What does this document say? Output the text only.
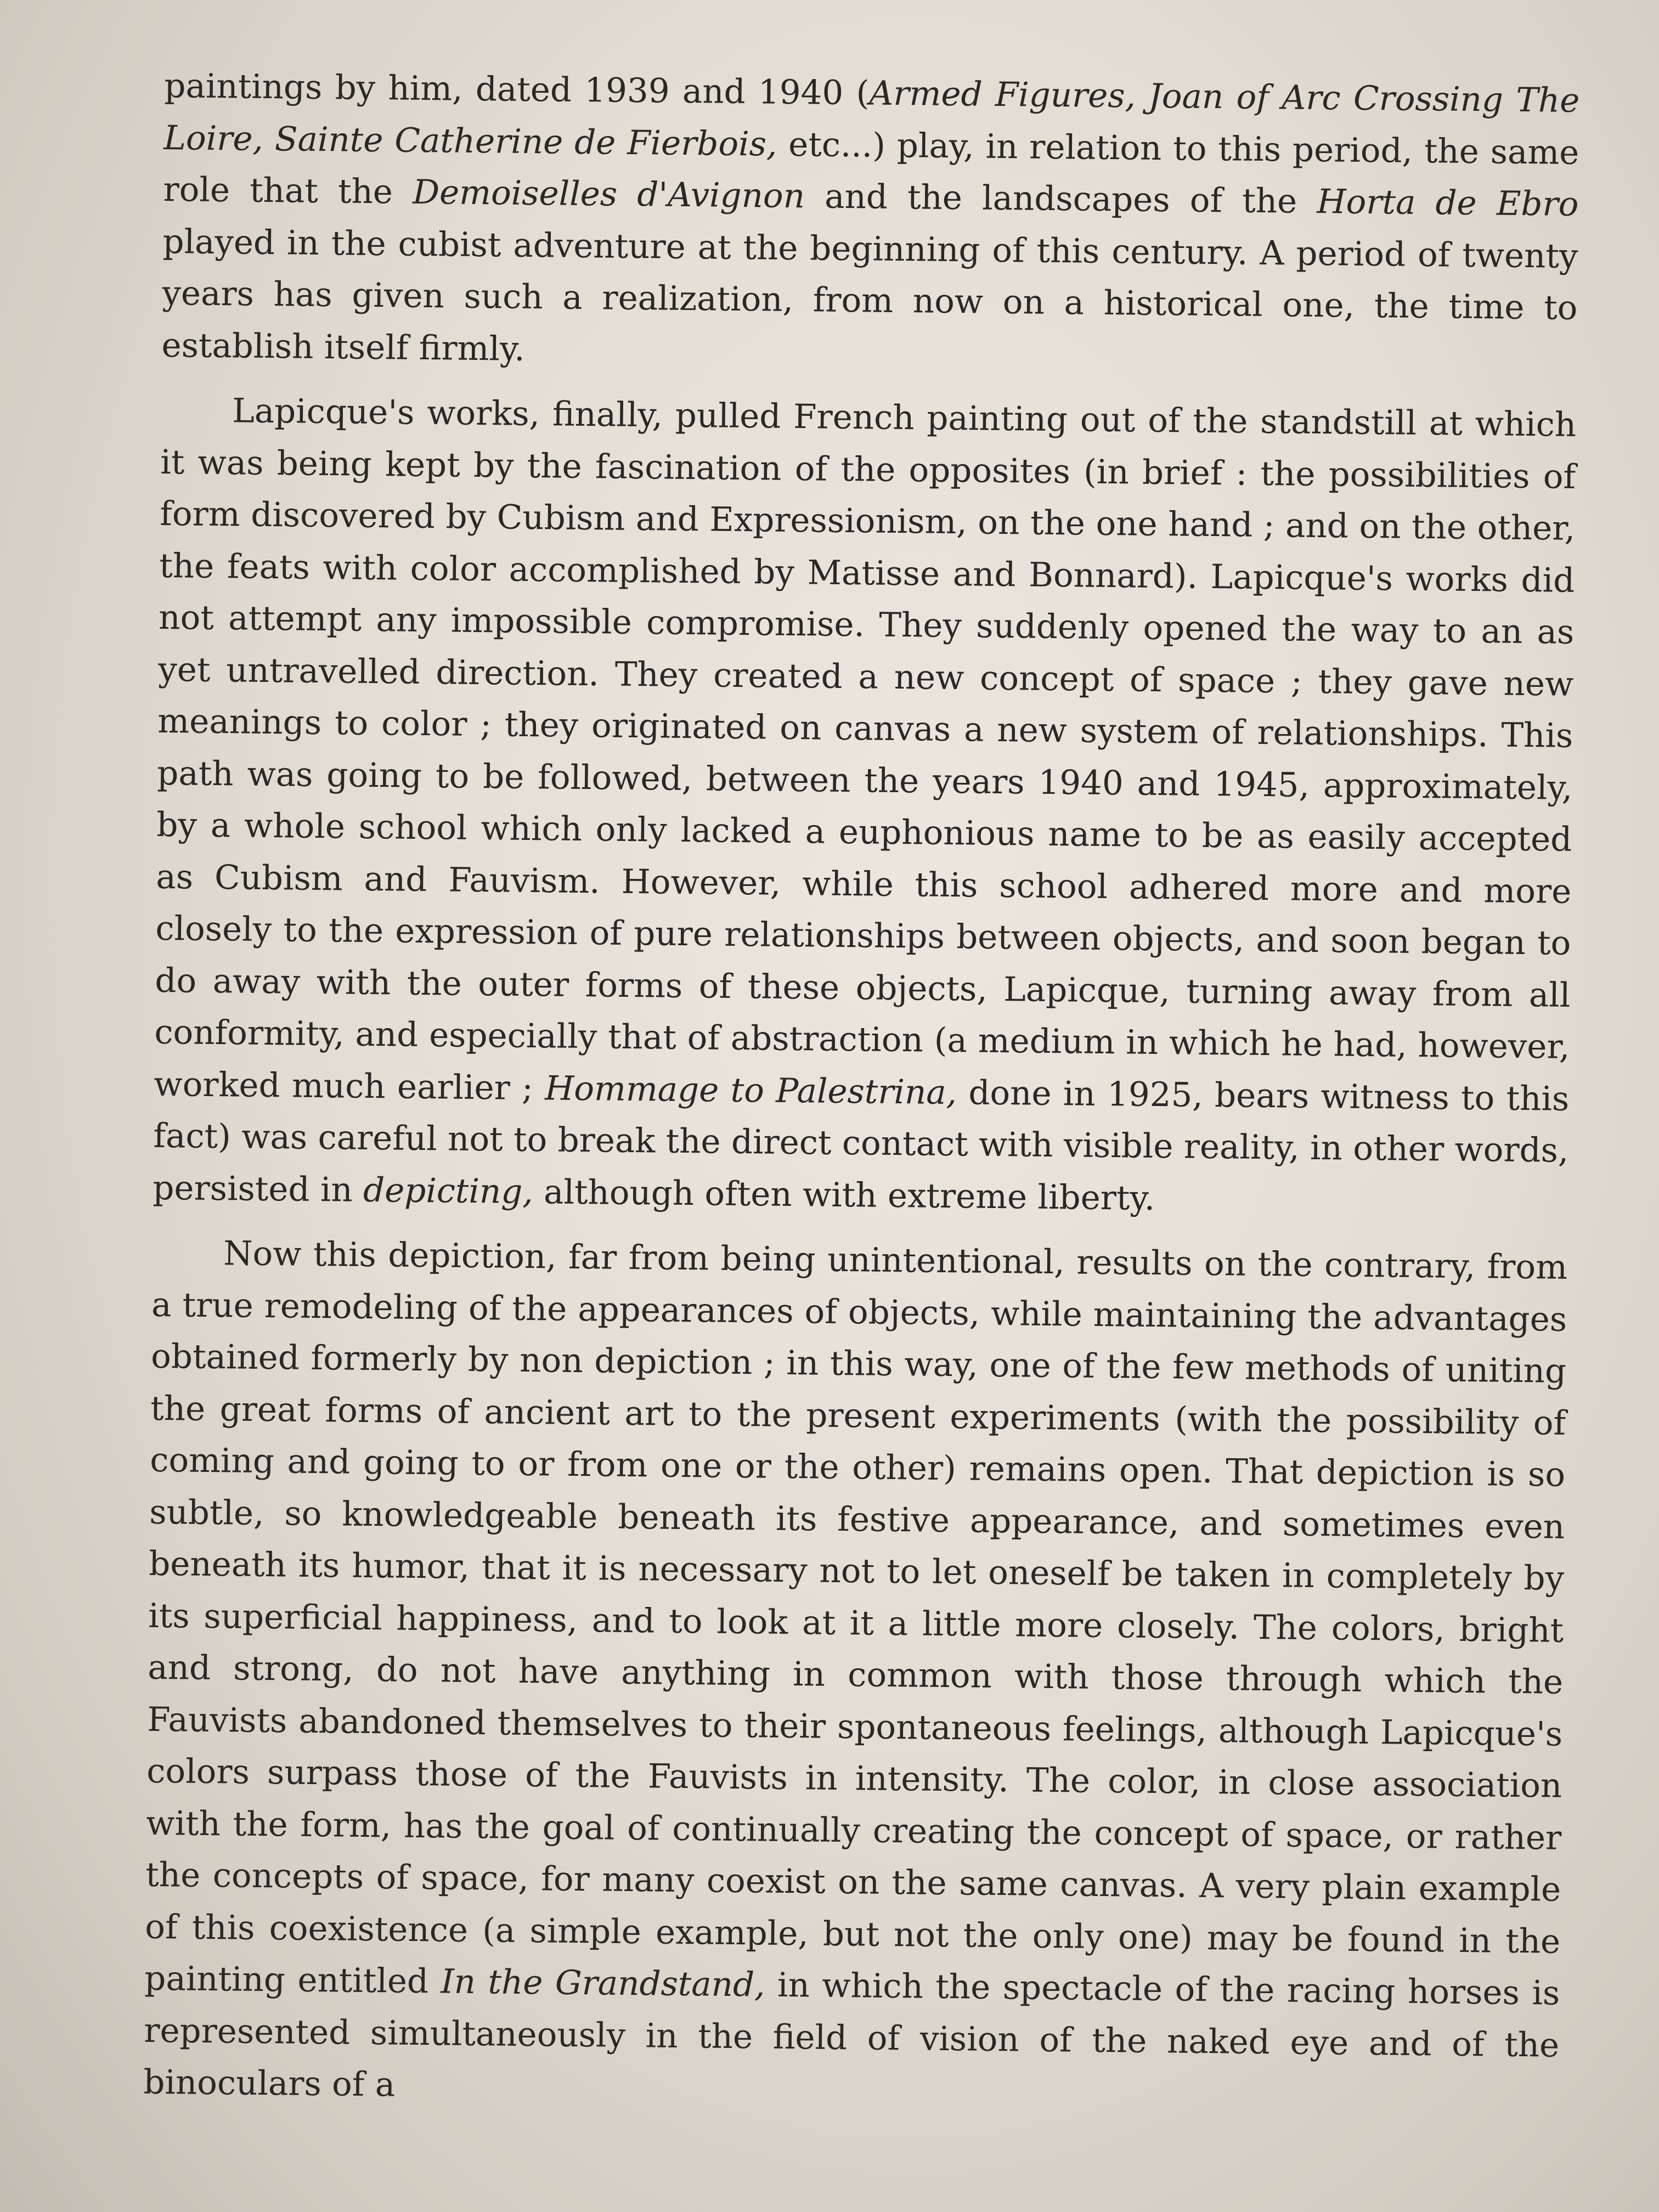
paintings by him, dated 1939 and 1940 (Armed Figures, Joan of Arc Crossing The Loire, Sainte Catherine de Fierbois, etc...) play, in relation to this period, the same role that the Demoiselles d'Avignon and the landscapes of the Horta de Ebro played in the cubist adventure at the beginning of this century. A period of twenty years has given such a realization, from now on a historical one, the time to establish itself firmly.

Lapicque's works, finally, pulled French painting out of the standstill at which it was being kept by the fascination of the opposites (in brief : the possibilities of form discovered by Cubism and Expressionism, on the one hand ; and on the other, the feats with color accomplished by Matisse and Bonnard). Lapicque's works did not attempt any impossible compromise. They suddenly opened the way to an as yet untravelled direction. They created a new concept of space ; they gave new meanings to color ; they originated on canvas a new system of relationships. This path was going to be followed, between the years 1940 and 1945, approximately, by a whole school which only lacked a euphonious name to be as easily accepted as Cubism and Fauvism. However, while this school adhered more and more closely to the expression of pure relationships between objects, and soon began to do away with the outer forms of these objects, Lapicque, turning away from all conformity, and especially that of abstraction (a medium in which he had, however, worked much earlier ; Hommage to Palestrina, done in 1925, bears witness to this fact) was careful not to break the direct contact with visible reality, in other words, persisted in depicting, although often with extreme liberty.

Now this depiction, far from being unintentional, results on the contrary, from a true remodeling of the appearances of objects, while maintaining the advantages obtained formerly by non depiction ; in this way, one of the few methods of uniting the great forms of ancient art to the present experiments (with the possibility of coming and going to or from one or the other) remains open. That depiction is so subtle, so knowledgeable beneath its festive appearance, and sometimes even beneath its humor, that it is necessary not to let oneself be taken in completely by its superficial happiness, and to look at it a little more closely. The colors, bright and strong, do not have anything in common with those through which the Fauvists abandoned themselves to their spontaneous feelings, although Lapicque's colors surpass those of the Fauvists in intensity. The color, in close association with the form, has the goal of continually creating the concept of space, or rather the concepts of space, for many coexist on the same canvas. A very plain example of this coexistence (a simple example, but not the only one) may be found in the painting entitled In the Grandstand, in which the spectacle of the racing horses is represented simultaneously in the field of vision of the naked eye and of the binoculars of a
